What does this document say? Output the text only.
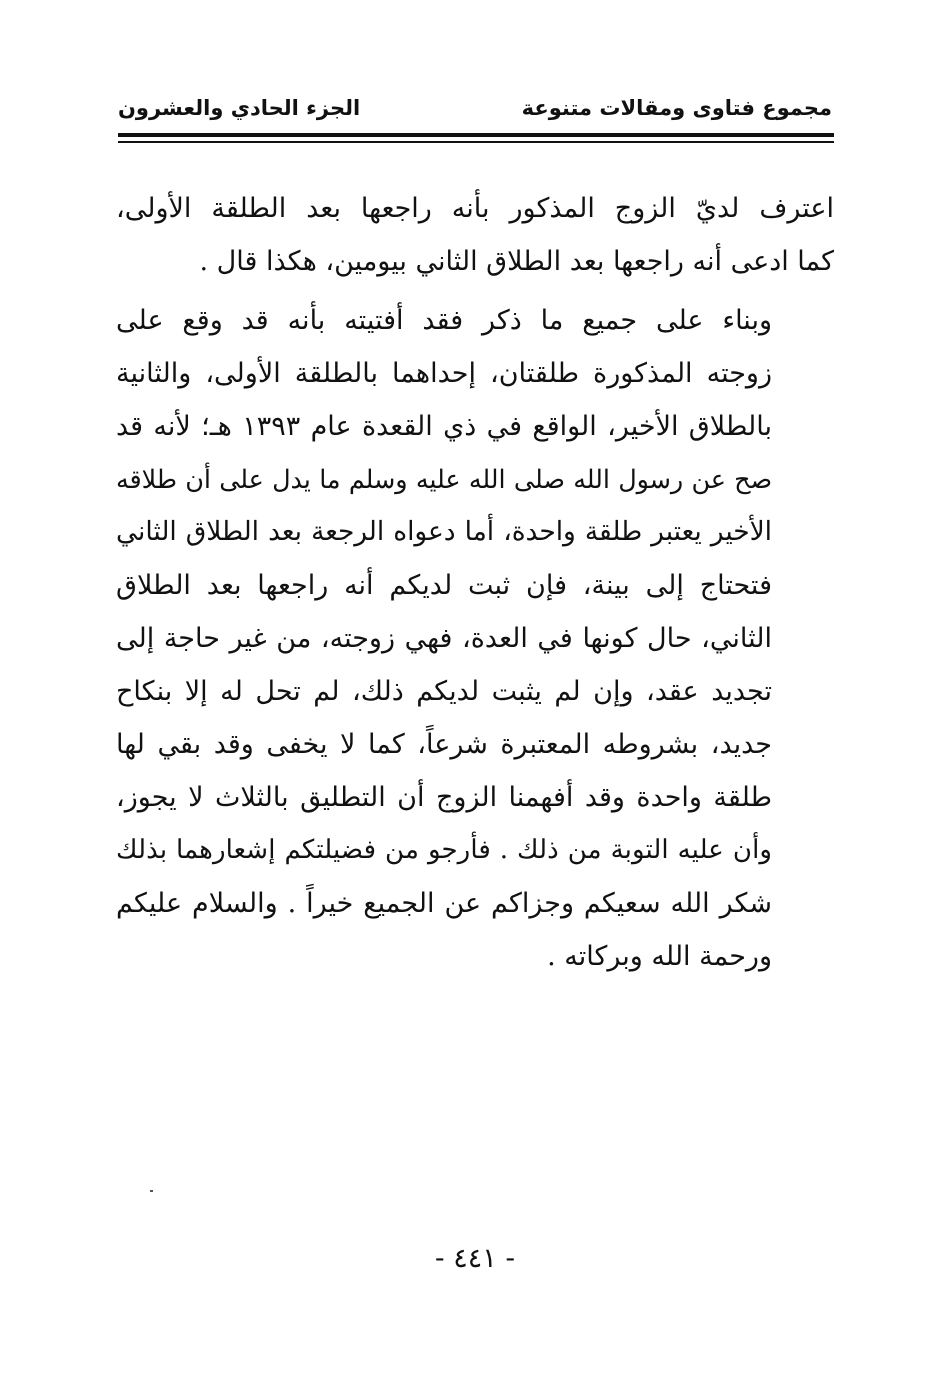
مجموع فتاوى ومقالات متنوعة
الجزء الحادي والعشرون
اعترف لديّ الزوج المذكور بأنه راجعها بعد الطلقة الأولى،
كما ادعى أنه راجعها بعد الطلاق الثاني بيومين، هكذا قال .
وبناء على جميع ما ذكر فقد أفتيته بأنه قد وقع على
زوجته المذكورة طلقتان، إحداهما بالطلقة الأولى، والثانية
بالطلاق الأخير، الواقع في ذي القعدة عام ١٣٩٣ هـ؛ لأنه قد
صح عن رسول الله صلى الله عليه وسلم ما يدل على أن طلاقه
الأخير يعتبر طلقة واحدة، أما دعواه الرجعة بعد الطلاق الثاني
فتحتاج إلى بينة، فإن ثبت لديكم أنه راجعها بعد الطلاق
الثاني، حال كونها في العدة، فهي زوجته، من غير حاجة إلى
تجديد عقد، وإن لم يثبت لديكم ذلك، لم تحل له إلا بنكاح
جديد، بشروطه المعتبرة شرعاً، كما لا يخفى وقد بقي لها
طلقة واحدة وقد أفهمنا الزوج أن التطليق بالثلاث لا يجوز،
وأن عليه التوبة من ذلك . فأرجو من فضيلتكم إشعارهما بذلك
شكر الله سعيكم وجزاكم عن الجميع خيراً . والسلام عليكم
ورحمة الله وبركاته .
- ٤٤١ -
